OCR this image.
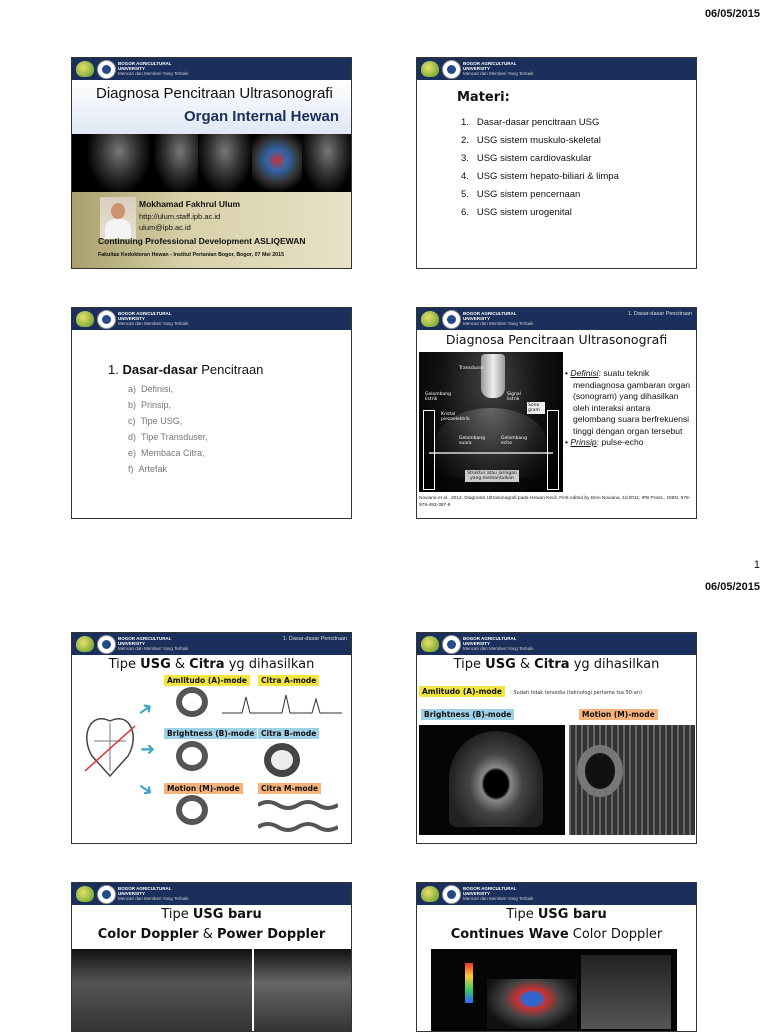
06/05/2015
1
06/05/2015
BOGOR AGRICULTURAL
UNIVERSITY
Mencari dan Memberi Yang Terbaik
Diagnosa Pencitraan Ultrasonografi
Organ Internal Hewan
Mokhamad Fakhrul Ulum
http://ulum.staff.ipb.ac.id
ulum@ipb.ac.id
Continuing Professional Development ASLIQEWAN
Fakultas Kedokteran Hewan - Institut Pertanian Bogor, Bogor, 07 Mei 2015
BOGOR AGRICULTURAL
UNIVERSITY
Mencari dan Memberi Yang Terbaik
Materi:
1.   Dasar-dasar pencitraan USG
2.   USG sistem muskulo-skeletal
3.   USG sistem cardiovaskular
4.   USG sistem hepato-biliari & limpa
5.   USG sistem pencernaan
6.   USG sistem urogenital
BOGOR AGRICULTURAL
UNIVERSITY
Mencari dan Memberi Yang Terbaik
1. Dasar-dasar Pencitraan
a) Definisi,
b) Prinsip,
c) Tipe USG,
d) Tipe Transduser,
e) Membaca Citra,
f) Artefak
BOGOR AGRICULTURAL
UNIVERSITY
Mencari dan Memberi Yang Terbaik
1. Dasar-dasar Pencitraan
Diagnosa Pencitraan Ultrasonografi
Transducer
Gelombang listrik
Signal listrik
Sono gram
Kristal piezoelektrik
Gelombang suara
Gelombang echo
Struktur atau jaringan yang memantulkan
• Definisi: suatu teknik mendiagnosa gambaran organ (sonogram) yang dihasilkan oleh interaksi antara gelombang suara berfrekuensi tinggi dengan organ tersebut
• Prinsip: pulse-echo
Noviana et al., 2012. Diagnosis Ultrasonografi pada Hewan Kecil. First edited by Deni Noviana, 11/2011; IPB Press., ISBN: 978-979-493-387-9
BOGOR AGRICULTURAL
UNIVERSITY
Mencari dan Memberi Yang Terbaik
1. Dasar-dasar Pencitraan
Tipe USG & Citra yg dihasilkan
➜
➜
➜
Amlitudo (A)-mode
Brightness (B)-mode
Motion (M)-mode
Citra A-mode
Citra B-mode
Citra M-mode
BOGOR AGRICULTURAL
UNIVERSITY
Mencari dan Memberi Yang Terbaik
Tipe USG & Citra yg dihasilkan
Amlitudo (A)-mode : Sudah tidak tersedia (teknologi pertama tsa 50-an)
Brightness (B)-mode	Motion (M)-mode
BOGOR AGRICULTURAL
UNIVERSITY
Mencari dan Memberi Yang Terbaik
Tipe USG baru
Color Doppler & Power Doppler
BOGOR AGRICULTURAL
UNIVERSITY
Mencari dan Memberi Yang Terbaik
Tipe USG baru
Continues Wave Color Doppler
